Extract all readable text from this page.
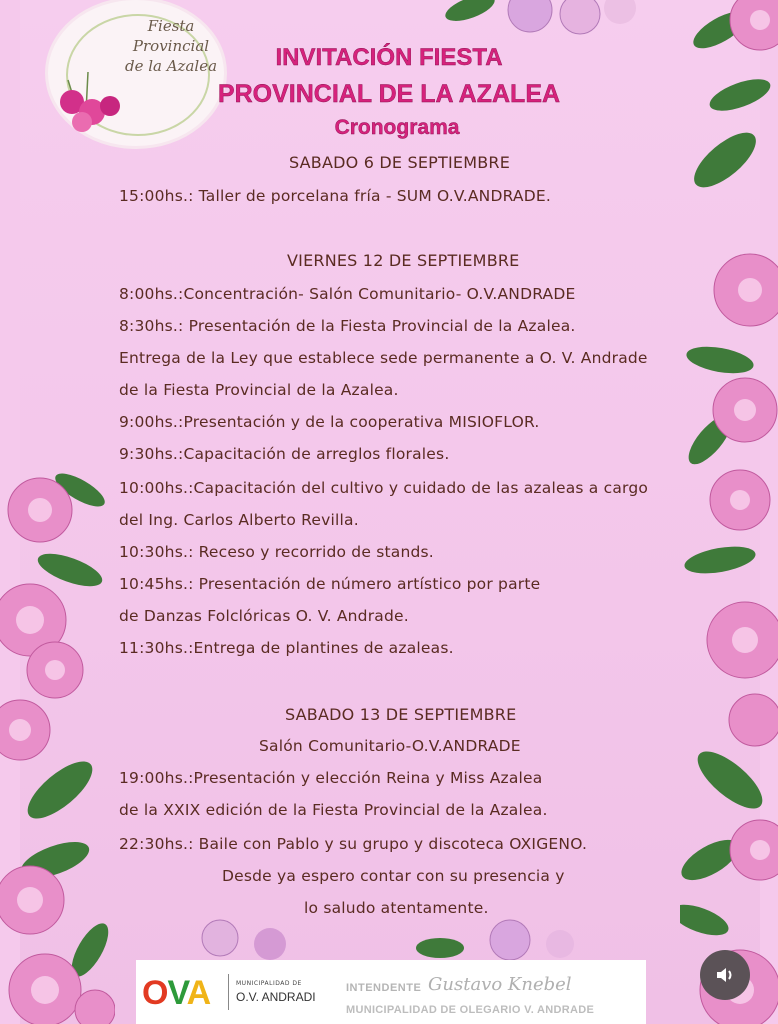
Fiesta
Provincial
de la Azalea	INVITACIÓN FIESTA
PROVINCIAL DE LA AZALEA
Cronograma
SABADO 6 DE SEPTIEMBRE
15:00hs.: Taller de porcelana fría - SUM O.V.ANDRADE.
VIERNES 12 DE SEPTIEMBRE
8:00hs.:Concentración- Salón Comunitario- O.V.ANDRADE
8:30hs.: Presentación de la Fiesta Provincial de la Azalea.
Entrega de la Ley que establece sede permanente a O. V. Andrade
de la Fiesta Provincial de la Azalea.
9:00hs.:Presentación y de la cooperativa MISIOFLOR.
9:30hs.:Capacitación de arreglos florales.
10:00hs.:Capacitación del cultivo y cuidado de las azaleas a cargo
del Ing. Carlos Alberto Revilla.
10:30hs.: Receso y recorrido de stands.
10:45hs.: Presentación de número artístico por parte
de Danzas Folclóricas O. V. Andrade.
11:30hs.:Entrega de plantines de azaleas.
SABADO 13 DE SEPTIEMBRE
Salón Comunitario-O.V.ANDRADE
19:00hs.:Presentación y elección Reina y Miss Azalea
de la XXIX edición de la Fiesta Provincial de la Azalea.
22:30hs.: Baile con Pablo y su grupo y discoteca OXIGENO.
Desde ya espero contar con su presencia y
lo saludo atentamente.
OVA	MUNICIPALIDAD DE
O.V. ANDRADI
INTENDENTE Gustavo Knebel
MUNICIPALIDAD DE OLEGARIO V. ANDRADE
